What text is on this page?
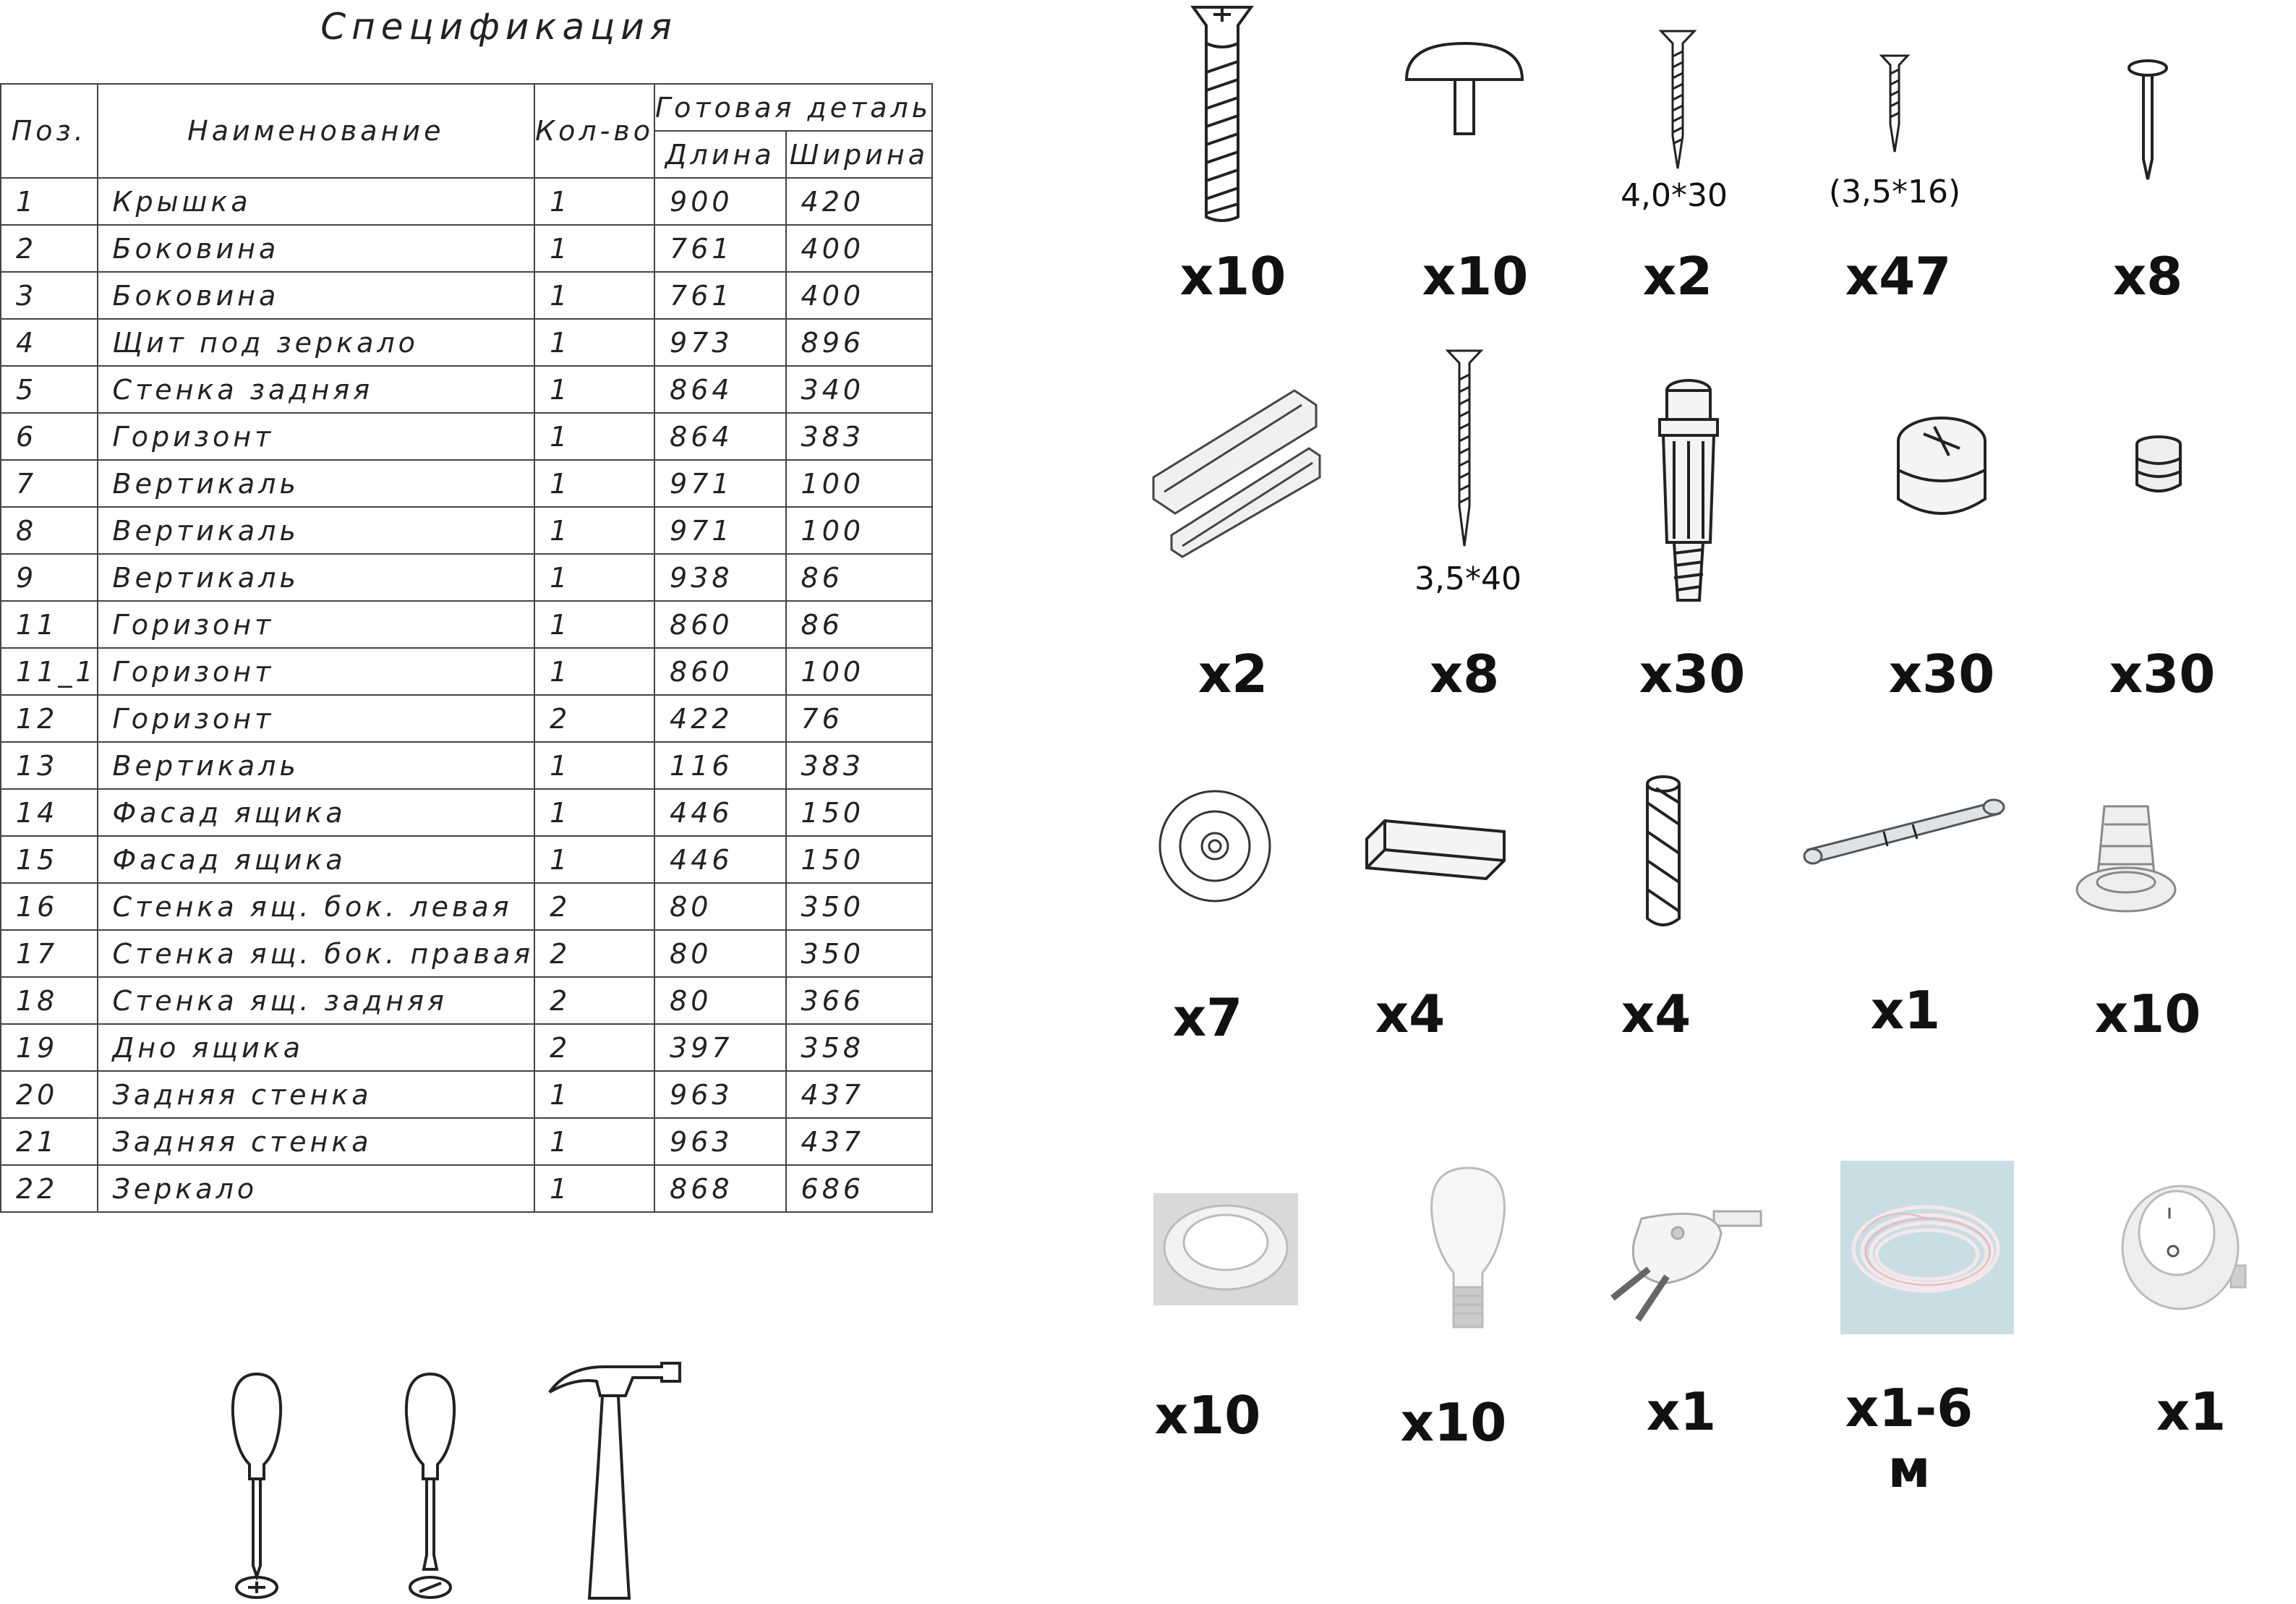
Спецификация
Поз.	Наименование	Кол-во	Готовая деталь	
			Длина	Ширина
1	Крышка	1	900	420
2	Боковина	1	761	400
3	Боковина	1	761	400
4	Щит под зеркало	1	973	896
5	Стенка задняя	1	864	340
6	Горизонт	1	864	383
7	Вертикаль	1	971	100
8	Вертикаль	1	971	100
9	Вертикаль	1	938	86
11	Горизонт	1	860	86
11_1	Горизонт	1	860	100
12	Горизонт	2	422	76
13	Вертикаль	1	116	383
14	Фасад ящика	1	446	150
15	Фасад ящика	1	446	150
16	Стенка ящ. бок. левая	2	80	350
17	Стенка ящ. бок. правая	2	80	350
18	Стенка ящ. задняя	2	80	366
19	Дно ящика	2	397	358
20	Задняя стенка	1	963	437
21	Задняя стенка	1	963	437
22	Зеркало	1	868	686
4,0*30	(3,5*16)
3,5*40
x10	x10	x2	x47	x8
x2	x8	x30	x30	x30
x7	x4	x4	x1	x10
x10	x10	x1	x1-6 м
x1
